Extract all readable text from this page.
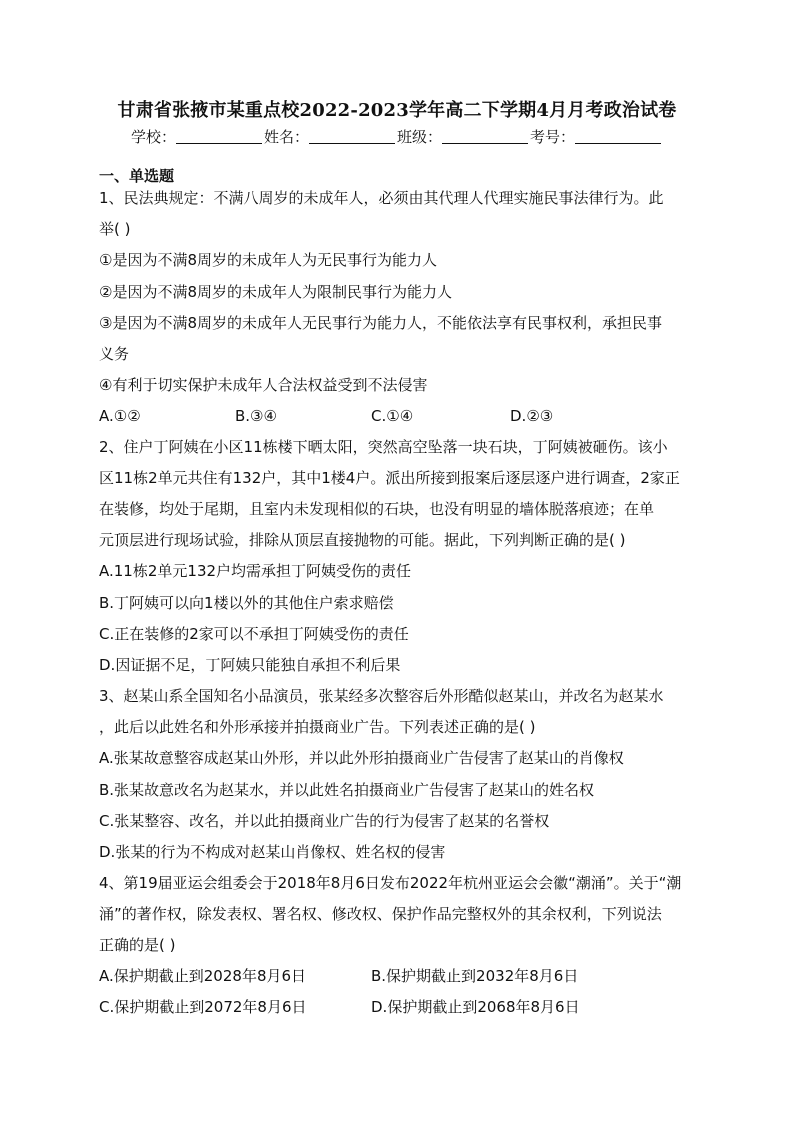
甘肃省张掖市某重点校2022-2023学年高二下学期4月月考政治试卷
学校：	姓名：	班级：	考号：
一、单选题
1、民法典规定：不满八周岁的未成年人，必须由其代理人代理实施民事法律行为。此
举( )
①是因为不满8周岁的未成年人为无民事行为能力人
②是因为不满8周岁的未成年人为限制民事行为能力人
③是因为不满8周岁的未成年人无民事行为能力人，不能依法享有民事权利，承担民事
义务
④有利于切实保护未成年人合法权益受到不法侵害
A.①②	B.③④	C.①④	D.②③
2、住户丁阿姨在小区11栋楼下晒太阳，突然高空坠落一块石块，丁阿姨被砸伤。该小
区11栋2单元共住有132户，其中1楼4户。派出所接到报案后逐层逐户进行调查，2家正
在装修，均处于尾期，且室内未发现相似的石块，也没有明显的墙体脱落痕迹；在单
元顶层进行现场试验，排除从顶层直接抛物的可能。据此，下列判断正确的是( )
A.11栋2单元132户均需承担丁阿姨受伤的责任
B.丁阿姨可以向1楼以外的其他住户索求赔偿
C.正在装修的2家可以不承担丁阿姨受伤的责任
D.因证据不足，丁阿姨只能独自承担不利后果
3、赵某山系全国知名小品演员，张某经多次整容后外形酷似赵某山，并改名为赵某水
，此后以此姓名和外形承接并拍摄商业广告。下列表述正确的是( )
A.张某故意整容成赵某山外形，并以此外形拍摄商业广告侵害了赵某山的肖像权
B.张某故意改名为赵某水，并以此姓名拍摄商业广告侵害了赵某山的姓名权
C.张某整容、改名，并以此拍摄商业广告的行为侵害了赵某的名誉权
D.张某的行为不构成对赵某山肖像权、姓名权的侵害
4、第19届亚运会组委会于2018年8月6日发布2022年杭州亚运会会徽“潮涌”。关于“潮
涌”的著作权，除发表权、署名权、修改权、保护作品完整权外的其余权利，下列说法
正确的是( )
A.保护期截止到2028年8月6日	B.保护期截止到2032年8月6日
C.保护期截止到2072年8月6日	D.保护期截止到2068年8月6日
